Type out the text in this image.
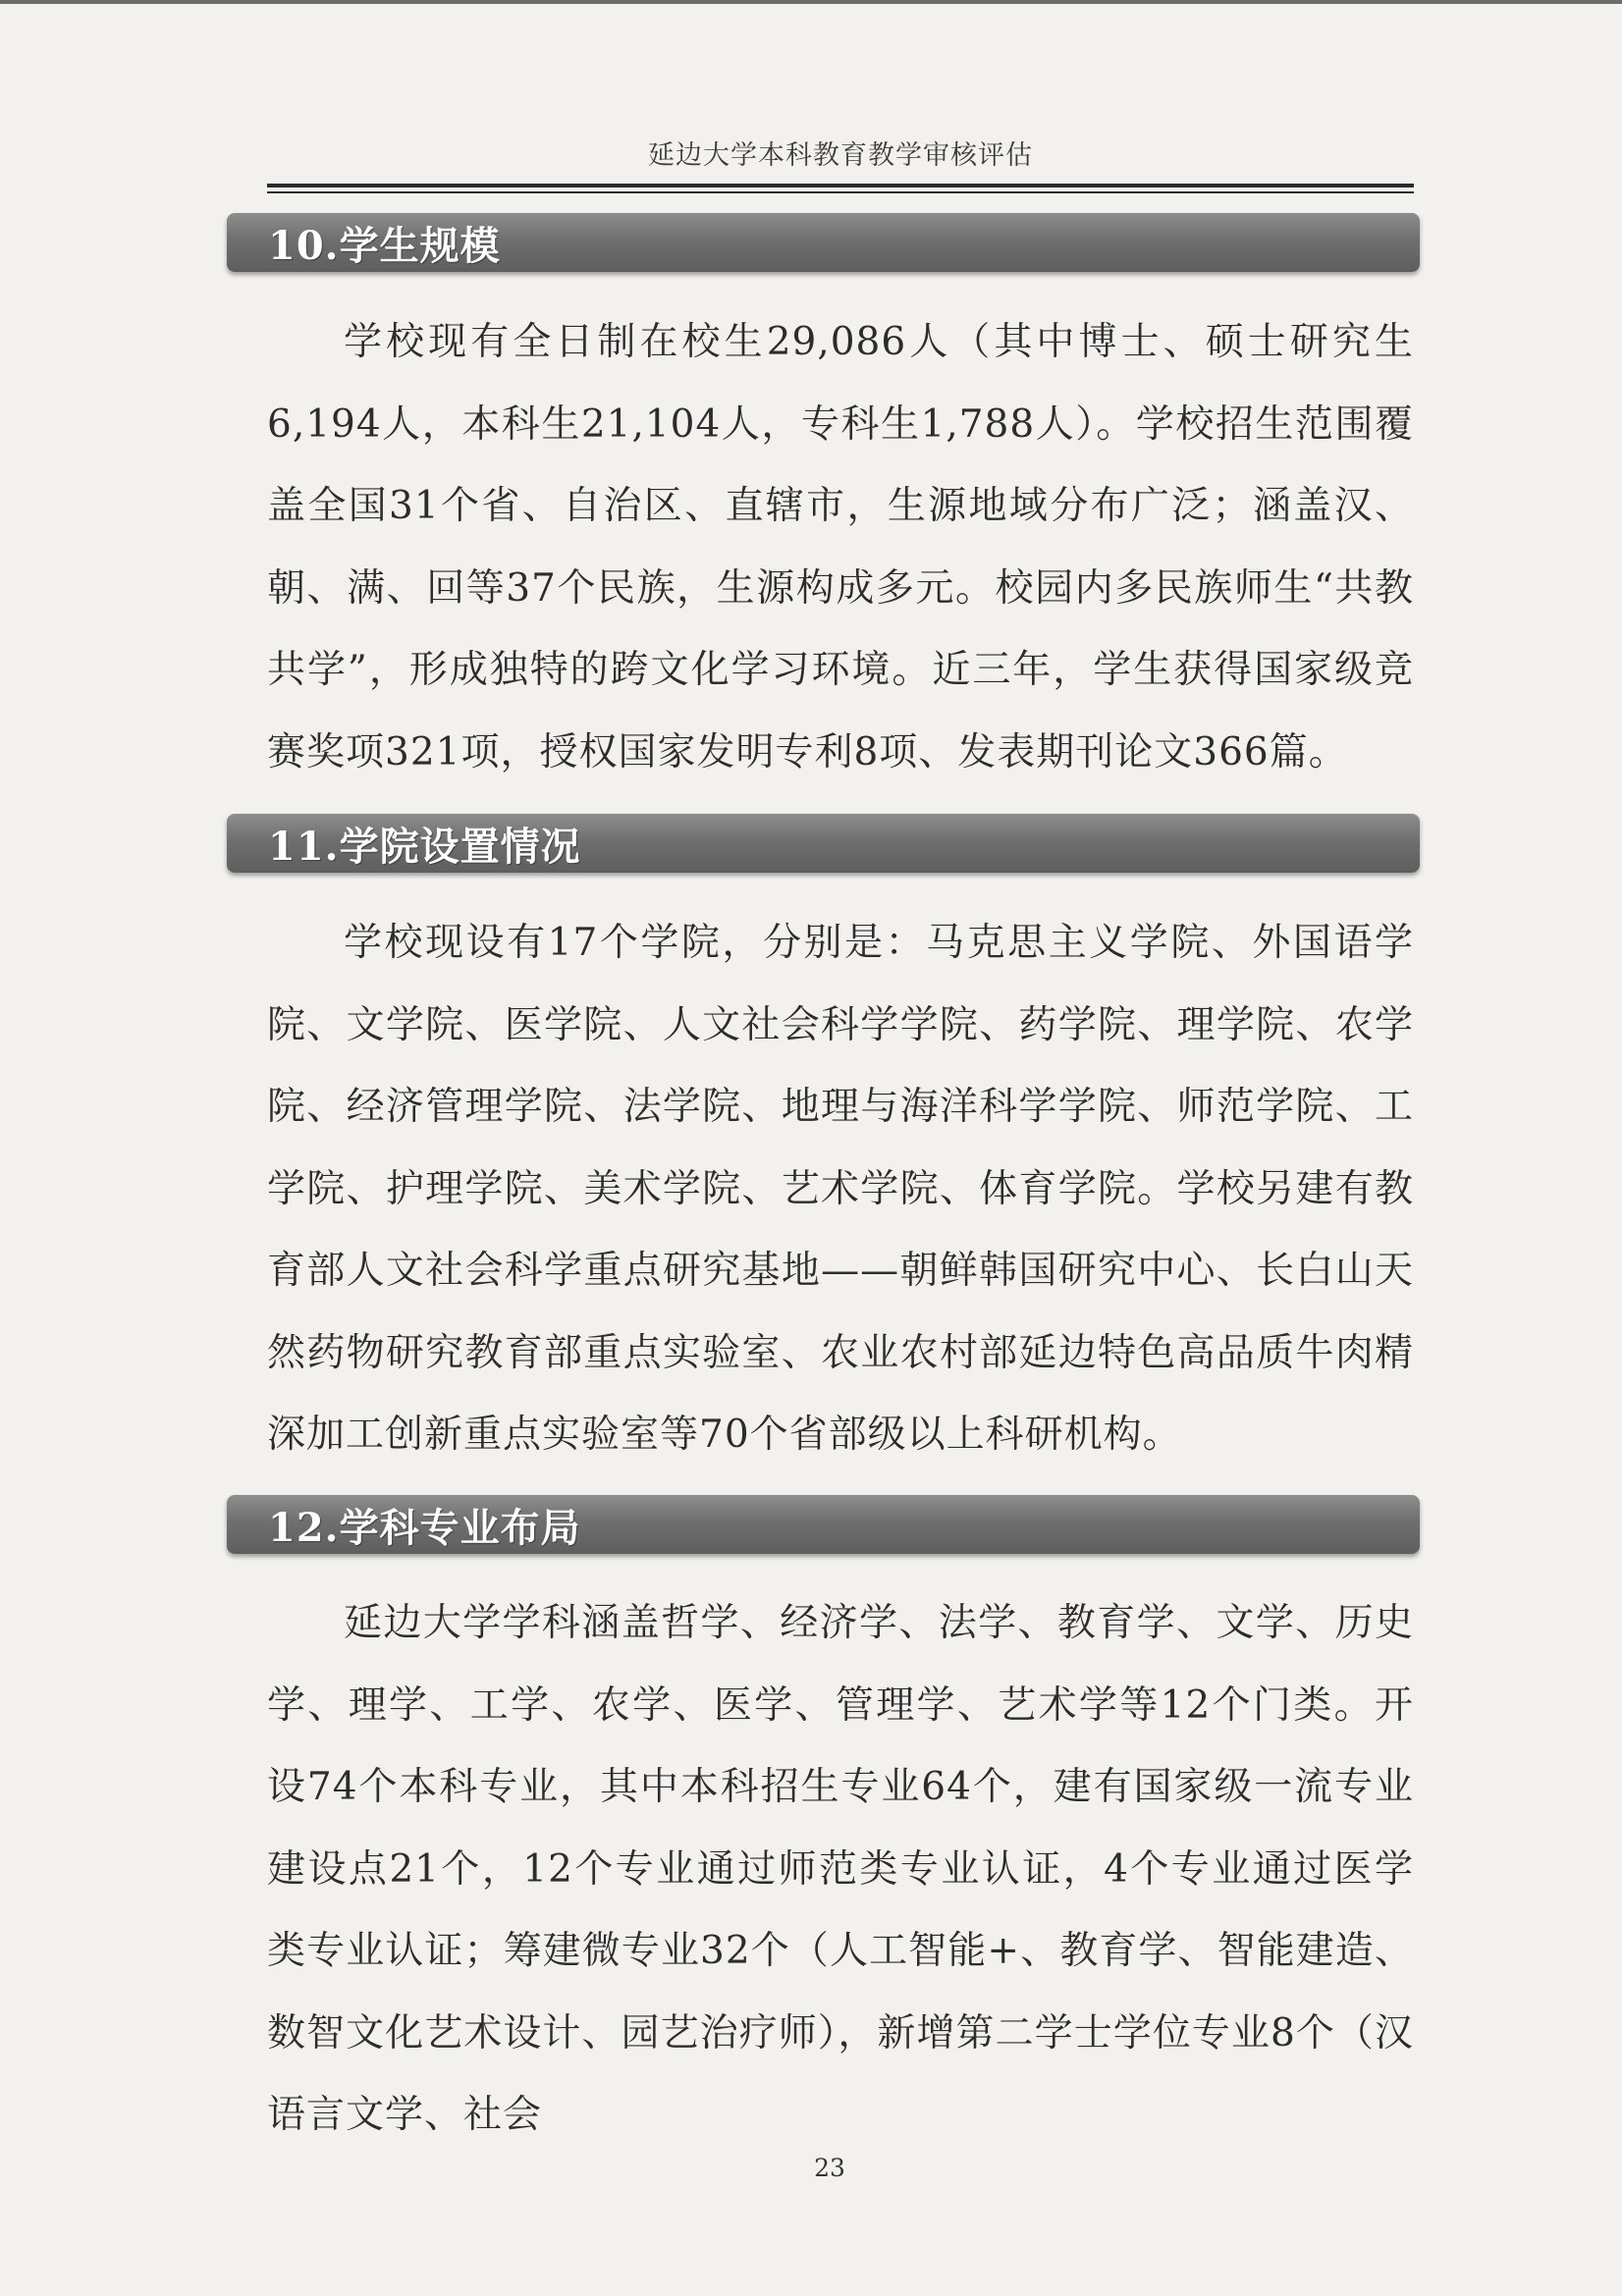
延边大学本科教育教学审核评估
10.学生规模

学校现有全日制在校生29,086人（其中博士、硕士研究生6,194人，本科生21,104人，专科生1,788人）。学校招生范围覆盖全国31个省、自治区、直辖市，生源地域分布广泛；涵盖汉、朝、满、回等37个民族，生源构成多元。校园内多民族师生“共教共学”，形成独特的跨文化学习环境。近三年，学生获得国家级竞赛奖项321项，授权国家发明专利8项、发表期刊论文366篇。

11.学院设置情况

学校现设有17个学院，分别是：马克思主义学院、外国语学院、文学院、医学院、人文社会科学学院、药学院、理学院、农学院、经济管理学院、法学院、地理与海洋科学学院、师范学院、工学院、护理学院、美术学院、艺术学院、体育学院。学校另建有教育部人文社会科学重点研究基地——朝鲜韩国研究中心、长白山天然药物研究教育部重点实验室、农业农村部延边特色高品质牛肉精深加工创新重点实验室等70个省部级以上科研机构。

12.学科专业布局

延边大学学科涵盖哲学、经济学、法学、教育学、文学、历史学、理学、工学、农学、医学、管理学、艺术学等12个门类。开设74个本科专业，其中本科招生专业64个，建有国家级一流专业建设点21个，12个专业通过师范类专业认证，4个专业通过医学类专业认证；筹建微专业32个（人工智能+、教育学、智能建造、数智文化艺术设计、园艺治疗师），新增第二学士学位专业8个（汉语言文学、社会

23
